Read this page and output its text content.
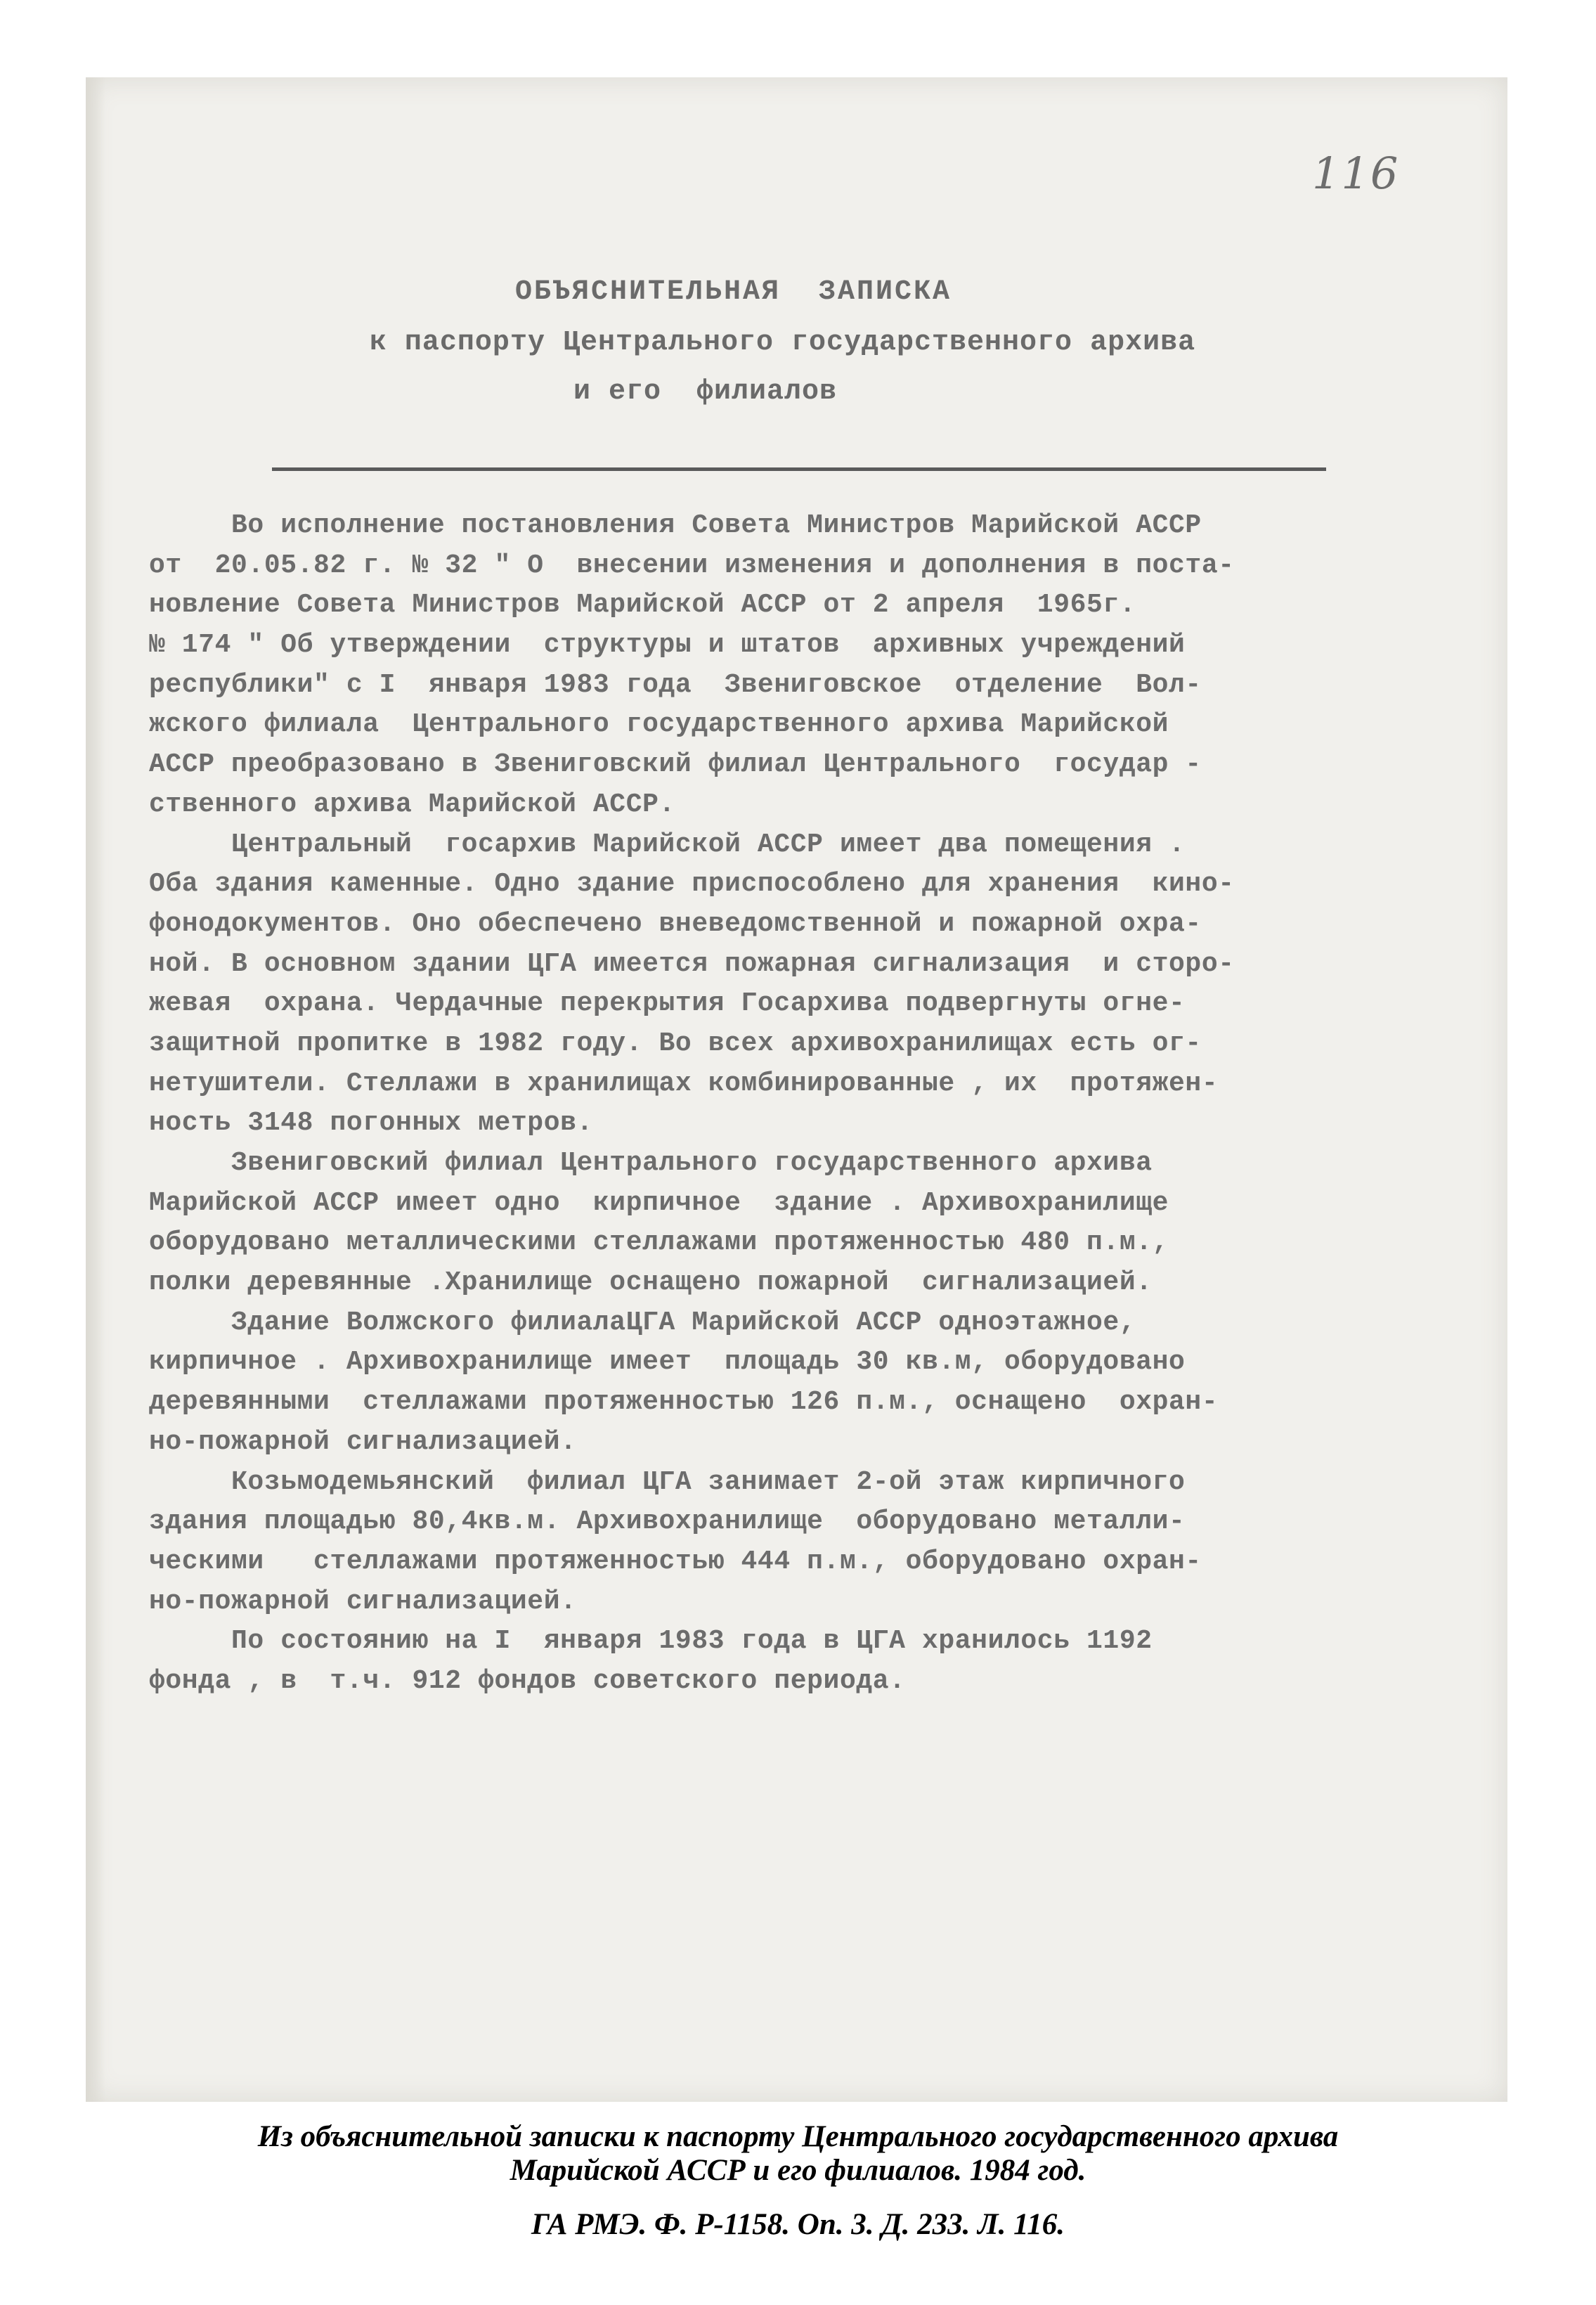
116
ОБЪЯСНИТЕЛЬНАЯ  ЗАПИСКА
к паспорту Центрального государственного архива
и его  филиалов
Во исполнение постановления Совета Министров Марийской АССР
от  20.05.82 г. № 32 " О  внесении изменения и дополнения в поста-
новление Совета Министров Марийской АССР от 2 апреля  1965г.
№ 174 " Об утверждении  структуры и штатов  архивных учреждений
республики" с I  января 1983 года  Звениговское  отделение  Вол-
жского филиала  Центрального государственного архива Марийской
АССР преобразовано в Звениговский филиал Центрального  государ -
ственного архива Марийской АССР.
Центральный  госархив Марийской АССР имеет два помещения .
Оба здания каменные. Одно здание приспособлено для хранения  кино-
фонодокументов. Оно обеспечено вневедомственной и пожарной охра-
ной. В основном здании ЦГА имеется пожарная сигнализация  и сторо-
жевая  охрана. Чердачные перекрытия Госархива подвергнуты огне-
защитной пропитке в 1982 году. Во всех архивохранилищах есть ог-
нетушители. Стеллажи в хранилищах комбинированные , их  протяжен-
ность 3148 погонных метров.
Звениговский филиал Центрального государственного архива
Марийской АССР имеет одно  кирпичное  здание . Архивохранилище
оборудовано металлическими стеллажами протяженностью 480 п.м.,
полки деревянные .Хранилище оснащено пожарной  сигнализацией.
Здание Волжского филиалаЦГА Марийской АССР одноэтажное,
кирпичное . Архивохранилище имеет  площадь 30 кв.м, оборудовано
деревянными  стеллажами протяженностью 126 п.м., оснащено  охран-
но-пожарной сигнализацией.
Козьмодемьянский  филиал ЦГА занимает 2-ой этаж кирпичного
здания площадью 80,4кв.м. Архивохранилище  оборудовано металли-
ческими   стеллажами протяженностью 444 п.м., оборудовано охран-
но-пожарной сигнализацией.
По состоянию на I  января 1983 года в ЦГА хранилось 1192
фонда , в  т.ч. 912 фондов советского периода.
Из объяснительной записки к паспорту Центрального государственного архива
Марийской АССР и его филиалов. 1984 год.
ГА РМЭ. Ф. Р-1158. Оп. 3. Д. 233. Л. 116.
